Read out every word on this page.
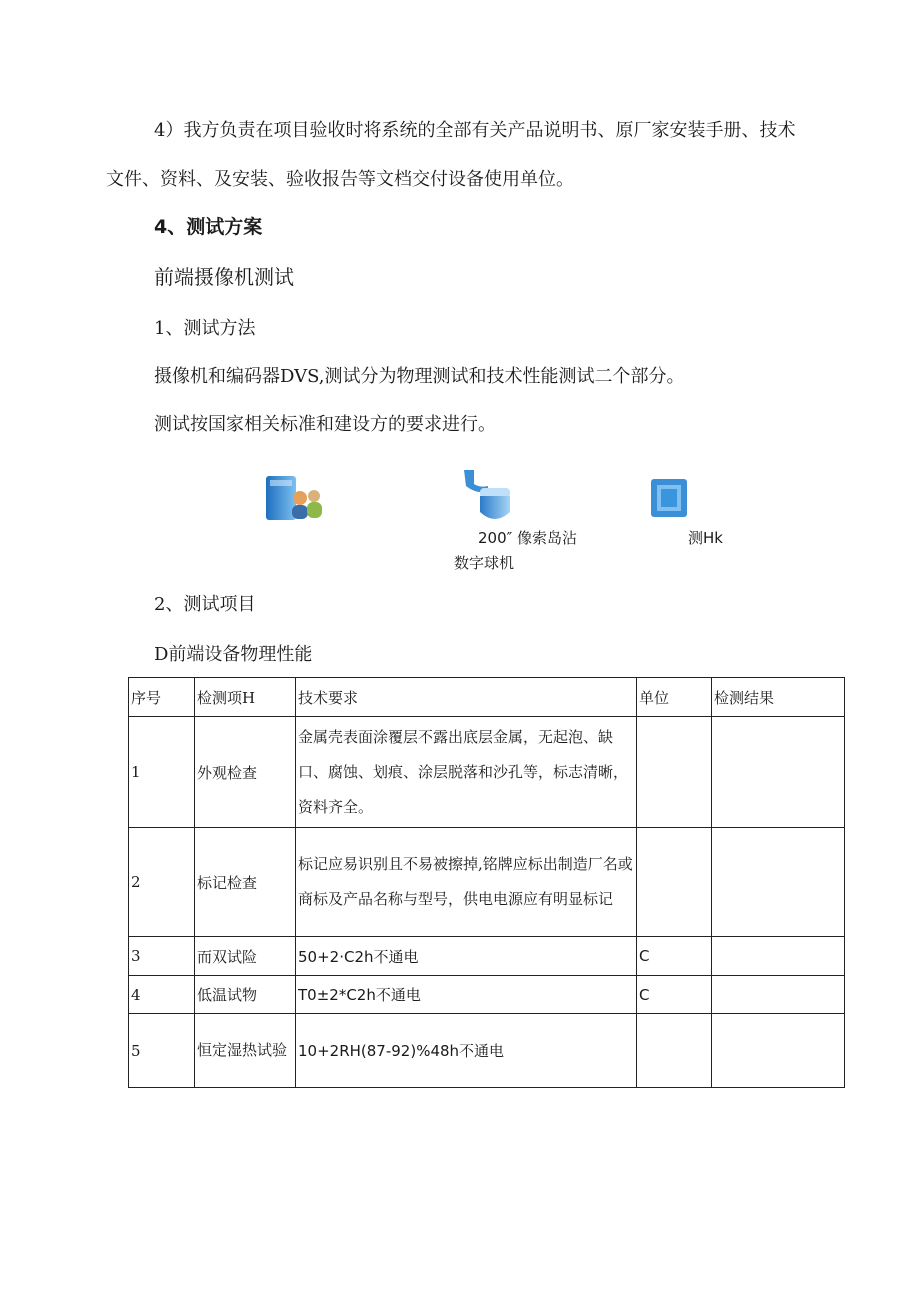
4）我方负责在项目验收时将系统的全部有关产品说明书、原厂家安装手册、技术
文件、资料、及安装、验收报告等文档交付设备使用单位。
4、测试方案
前端摄像机测试
1、测试方法
摄像机和编码器DVS,测试分为物理测试和技术性能测试二个部分。
测试按国家相关标准和建设方的要求进行。
200″ 像索岛沾
数字球机
测Hk
2、测试项目
D前端设备物理性能
序号	检测项H	技术要求	单位	检测结果
1	外观检查	金属壳表面涂覆层不露出底层金属，无起泡、缺口、腐蚀、划痕、涂层脱落和沙孔等，标志清晰，资料齐全。		
2	标记检查	标记应易识别且不易被擦掉,铭牌应标出制造厂名或商标及产品名称与型号，供电电源应有明显标记		
3	而双试险	50+2·C2h不通电	C	
4	低温试物	T0±2*C2h不通电	C	
5	恒定湿热试验	10+2RH(87-92)%48h不通电		
